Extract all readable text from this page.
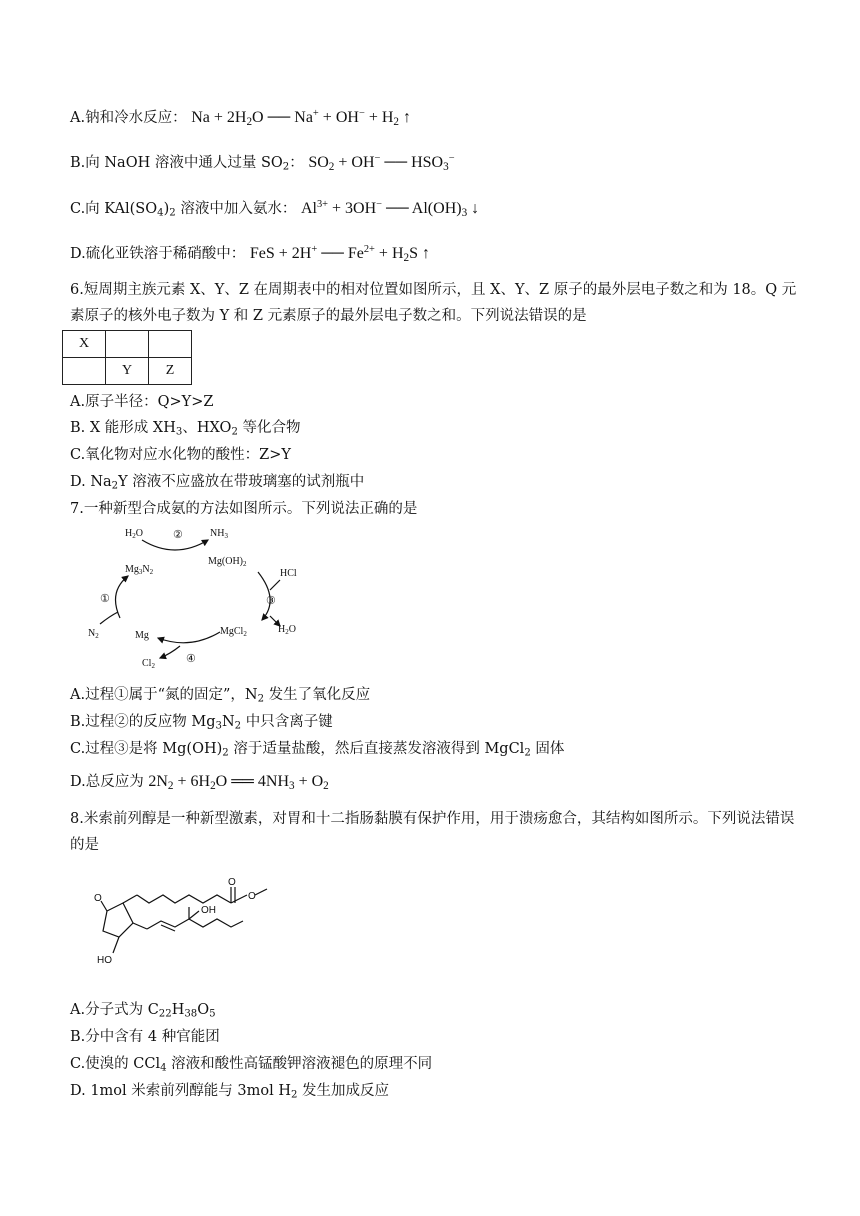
A.钠和冷水反应： $Na + 2H_2O$ ── $Na^+ + OH^- + H_2$ ↑
B.向 NaOH 溶液中通人过量 $SO_2$： $SO_2 + OH^-$ ── $HSO_3^-$
C.向 $KAl(SO_4)_2$ 溶液中加入氨水： $Al^{3+} + 3OH^-$ ── $Al(OH)_3$ ↓
D.硫化亚铁溶于稀硝酸中： FeS + 2H+ ── $Fe^{2+} + H_2S$ ↑
6.短周期主族元素 X、Y、Z 在周期表中的相对位置如图所示，且 X、Y、Z 原子的最外层电子数之和为 18。Q 元素原子的核外电子数为 Y 和 Z 元素原子的最外层电子数之和。下列说法错误的是
X		
	Y	Z
A.原子半径：Q>Y>Z
B. X 能形成 $XH_3$、$HXO_2$ 等化合物
C.氧化物对应水化物的酸性：Z>Y
D. $Na_2Y$ 溶液不应盛放在带玻璃塞的试剂瓶中
7.一种新型合成氨的方法如图所示。下列说法正确的是
$H_2O$	$NH_3$
②
$Mg_3N_2$
$Mg(OH)_2$
HCl
③
$H_2O$
①
$N_2$	Mg	MgCl$_2$
④
$Cl_2$
A.过程①属于“氮的固定”，$N_2$ 发生了氧化反应
B.过程②的反应物 $Mg_3N_2$ 中只含离子键
C.过程③是将 $Mg(OH)_2$ 溶于适量盐酸，然后直接蒸发溶液得到 MgCl$_2$ 固体
D.总反应为 $2N_2 + 6H_2O$ ══ $4NH_3 + O_2$
8.米索前列醇是一种新型激素，对胃和十二指肠黏膜有保护作用，用于溃疡愈合，其结构如图所示。下列说法错误的是
O
O
O
OH
HO
A.分子式为 $C_{22}H_{38}O_5$
B.分中含有 4 种官能团
C.使溴的 CCl$_4$ 溶液和酸性高锰酸钾溶液褪色的原理不同
D. 1mol 米索前列醇能与 3mol $H_2$ 发生加成反应
